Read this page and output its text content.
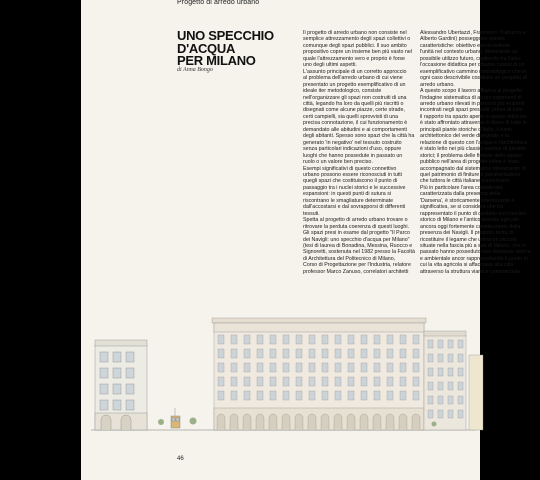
Progetto di arredo urbano
UNO SPECCHIO
D'ACQUA
PER MILANO
di Anna Bongo

Il progetto di arredo urbano non consiste nel

semplice attrezzamento degli spazi collettivi o

comunque degli spazi pubblici. Il suo ambito

propositivo copre un insieme ben più vasto nel

quale l'attrezzamento vero e proprio è forse

uno degli ultimi aspetti.

L'assunto principale di un corretto approccio

al problema dell'arredo urbano di cui viene

presentato un progetto esemplificativo di un

ideale iter metodologico, consiste

nell'organizzare gli spazi non costruiti di una

città, legando fra loro da quelli più riscritti o

disegnati come alcune piazze, certe strade,

certi campielli, sia quelli sprovvisti di una

precisa connotazione, il cui funzionamento è

demandato alle abitudini e ai comportamenti

degli abitanti. Spesso sono spazi che la città ha

generato 'in negativo' nel tessuto costruito

senza particolari indicazioni d'uso, oppure

luoghi che hanno possedute in passato un

ruolo o un valore ben preciso.

Esempi significativi di questo connettivo

urbano possono essere riconosciuti in tutti

quegli spazi che costituiscono il punto di

passaggio tra i nuclei storici e le successive

espansioni: in questi punti di sutura si

riscontrano le smagliature determinate

dall'accostarsi e dal sovrapporsi di differenti

tessuti.

Spetta al progetto di arredo urbano trovare o

ritrovare la perduta coerenza di questi luoghi.

Gli spazi presi in esame dal progetto "Il Parco

dei Navigli: uno specchio d'acqua per Milano"

(tesi di laurea di Bonadina, Messina, Ruocco e

Signoretti, sostenuta nel 1982 presso la Facoltà

di Architettura del Politecnico di Milano,

Corso di Progettazione per l'Industria, relatore

professor Marco Zanuso, correlatori architetti

Alessandro Ubertazzi, Francesco Trabucco e

Alberto Gardini) posseggono queste

caratteristiche: obiettivo era ricostituire

l'unità nel contesto urbano, delineando un

possibile utilizzo futuro, cogliendo tra l'altro

l'occasione didattica per chiarire i passi di un

esemplificativo cammino metodologico che in

ogni caso descrivibile costituire un progetto di

arredo urbano.

A questo scopo il lavoro affianca al progetto

l'indagine sistematica di alcuni argomenti di

arredo urbano rilevati in percorsi più evidenti

incontrati negli spazi prescelti: prima di tutto

il rapporto tra spazio aperto e spazio edificato

è stato affrontato attraverso il rilievo di tutte le

principali piante storiche d'Italia; il ruolo

architettonico del verde disegnato e la

relazione di questo con l'acqua e l'architettura

è stato letto nei più classici esempi di giardini

storici; il problema delle finiture dello spazio

pubblico nell'area di progetto infine è stato

accompagnato dal sistematico rilevamento di

quel patrimonio di finiture e pavimentazioni

che tuttora le città italiane conservano.

Più in particolare l'area considerata

caratterizzata dalla presenza della

'Darsena', è storicamente interessante e

significativa, se si considera che ha

rappresentato il punto di contatto tra il nucleo

storico di Milano e l'antico tessuto agricolo

ancora oggi fortemente caratterizzato dalla

presenza dei Navigli. Il progetto tenta di

ricostituire il legame che univa tre piccole

situate nella fascia più a sud di Milano, che in

passato hanno posseduto una rilevanza storica

e ambientale ancor rappresentando il punto in

cui la vita agricola si affacciava alla città

attraverso la struttura viaria e commerciale

46
